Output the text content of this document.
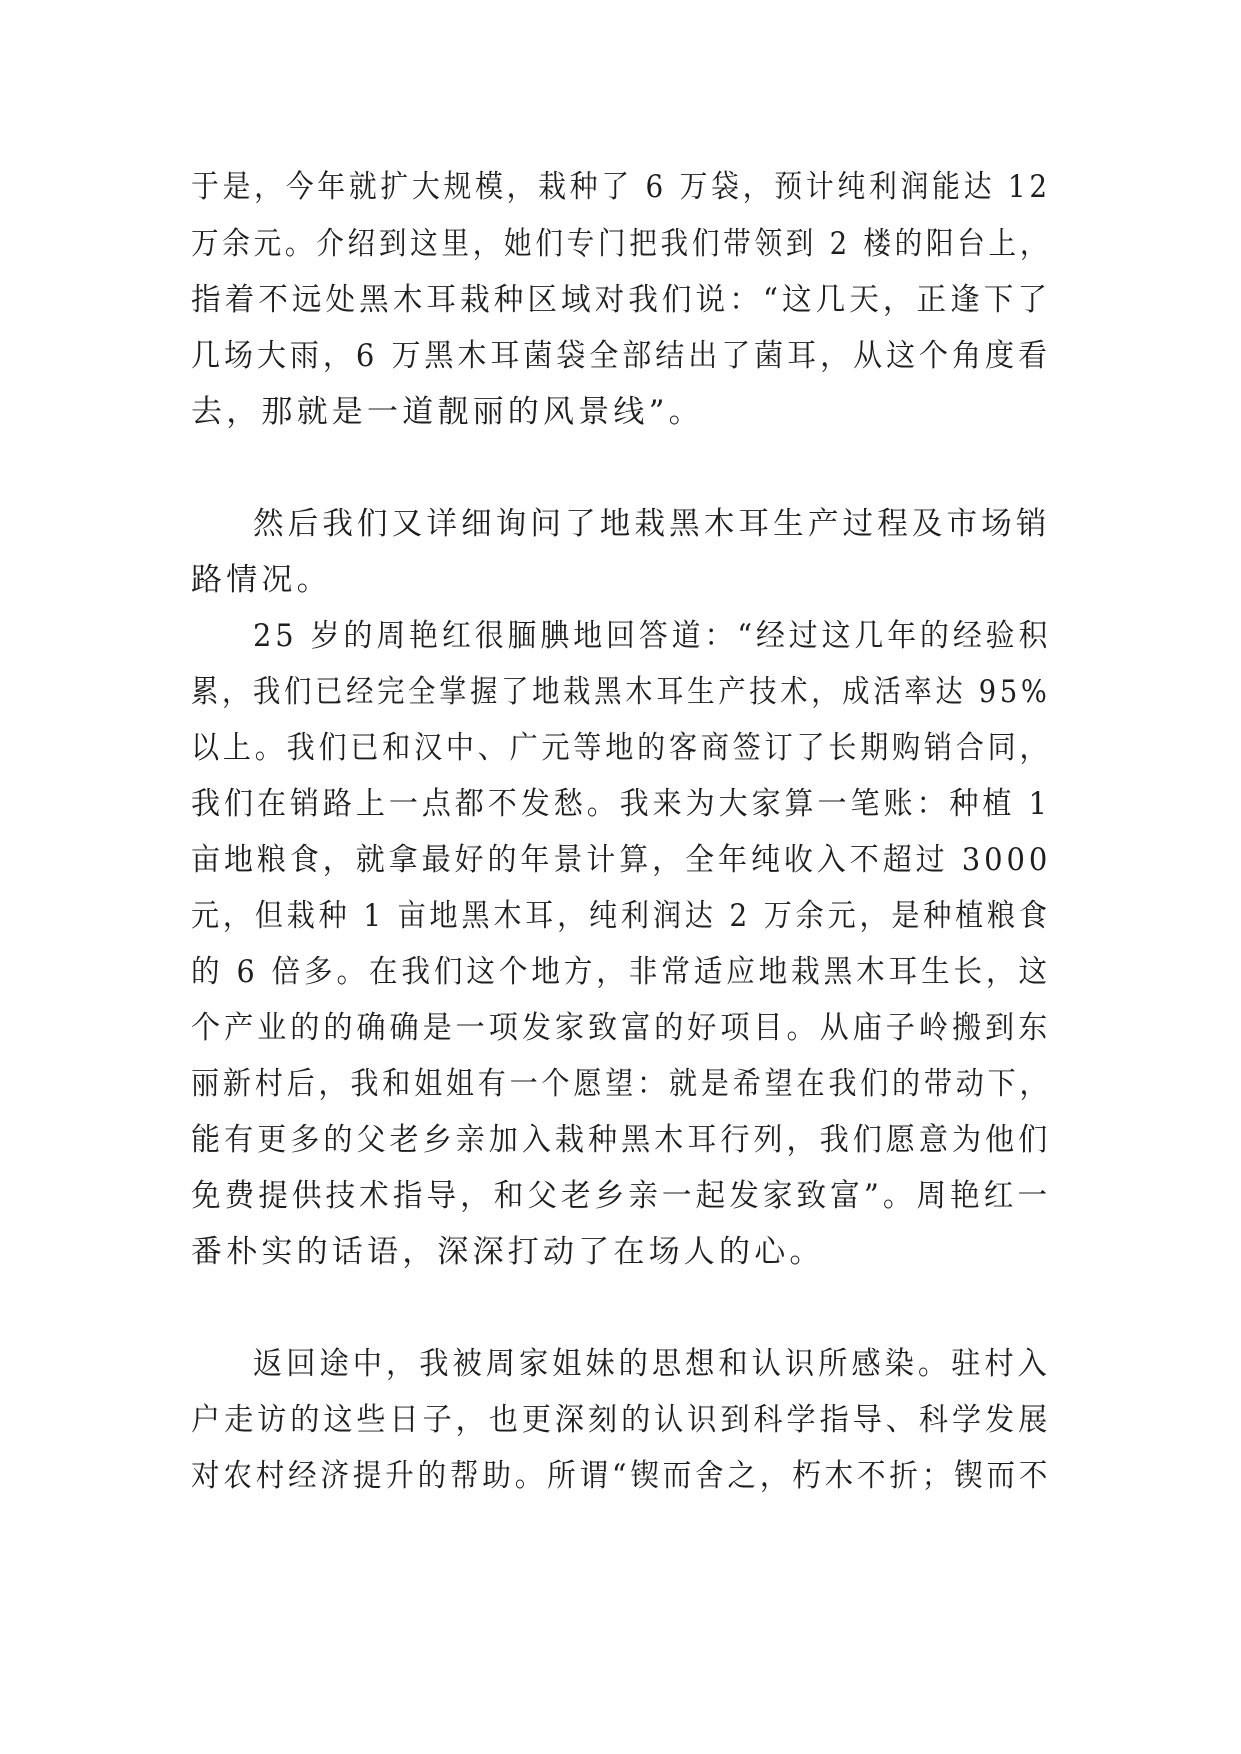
于是，今年就扩大规模，栽种了 6 万袋，预计纯利润能达 12
万余元。介绍到这里，她们专门把我们带领到 2 楼的阳台上，
指着不远处黑木耳栽种区域对我们说：“这几天，正逢下了
几场大雨，6 万黑木耳菌袋全部结出了菌耳，从这个角度看
去，那就是一道靓丽的风景线”。
然后我们又详细询问了地栽黑木耳生产过程及市场销
路情况。
25 岁的周艳红很腼腆地回答道：“经过这几年的经验积
累，我们已经完全掌握了地栽黑木耳生产技术，成活率达 95%
以上。我们已和汉中、广元等地的客商签订了长期购销合同，
我们在销路上一点都不发愁。我来为大家算一笔账：种植 1
亩地粮食，就拿最好的年景计算，全年纯收入不超过 3000
元，但栽种 1 亩地黑木耳，纯利润达 2 万余元，是种植粮食
的 6 倍多。在我们这个地方，非常适应地栽黑木耳生长，这
个产业的的确确是一项发家致富的好项目。从庙子岭搬到东
丽新村后，我和姐姐有一个愿望：就是希望在我们的带动下，
能有更多的父老乡亲加入栽种黑木耳行列，我们愿意为他们
免费提供技术指导，和父老乡亲一起发家致富”。周艳红一
番朴实的话语，深深打动了在场人的心。
返回途中，我被周家姐妹的思想和认识所感染。驻村入
户走访的这些日子，也更深刻的认识到科学指导、科学发展
对农村经济提升的帮助。所谓“锲而舍之，朽木不折；锲而不
